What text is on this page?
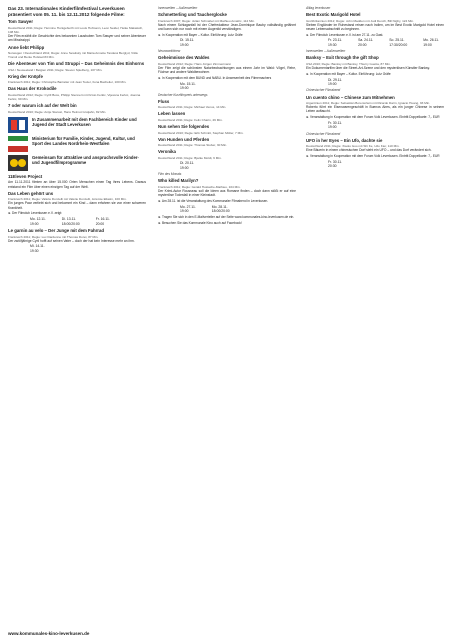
Das 23. Internationales Kinderfilmfestival Leverkusen präsentiert vom 05. 11. bis 12.11.2012 folgende Filme:
Tom Sawyer
Deutschland 2011; Regie: Hermine Huntgeburth mit Louis Hofmann, Leon Seidel, Heike Makatsch, 108 Min.

Der Film erzählt die Geschichte des bekannten Lausbuben Tom Sawyer und seiner Abenteuer am Mississippi.

Anne liebt Philipp
Norwegen / Deutschland 2011; Regie: Anne Sewitsky mit Maria Annette Tanderø Berglyd, Vilde Tronsli und Bente Holstad 83 Min.
Die Abenteuer von Tim und Struppi – Das Geheimnis des Einhorns
USA / Neuseeland / Belgien 2011; Regie: Steven Spielberg, 107 Min.
Krieg der Knöpfe
Frankreich 2011; Regie: Christophe Barratier mit Jean Texier, Ilona Bachelier, 100 Min.
Das Haus der Krokodile
Deutschland 2012; Regie: Cyrill Boss, Philipp Stennert mit Kristo Ferkic, Vijessna Ferkic, Joanna Ferkic, 90 Min.
7 oder warum ich auf der Welt bin
Deutschland 2010; Regie: Antje Starost, Hans Helmut Grotjahn, 82 Min.
In Zusammenarbeit mit dem Fachbereich Kinder und Jugend der Stadt Leverkusen
Ministerium für Familie, Kinder, Jugend, Kultur, und Sport des Landes Nordrhein-Westfalen
Gemeinsam für attraktive und anspruchsvolle Kinder- und Jugendfilmprogramme
11Eleven Project

Am 11.11.2011 filmten an über 15.000 Orten Menschen einen Tag ihres Lebens. Daraus entstand ein Film über einen einzigen Tag auf der Welt.

Das Leben gehört uns
Frankreich 2011; Regie: Valérie Donzelli mit Valérie Donzelli, Jérémie Elkaïm, 100 Min.

Ein junges Paar verliebt sich und bekommt ein Kind – dann erfahren sie von einer schweren Krankheit.

► Der Filmclub Leverkusen e.V. zeigt:
Mo. 12.11.
19:00
Di. 13.11.
18:00/20:00
Fr. 16.11.
20:00
Le garnin au velo – Der Junge mit dem Fahrrad
Frankreich 2011; Regie: Luc Dardenne mit Thomas Doret, 87 Min.

Der zwölfjährige Cyril hofft auf seinen Vater – doch der hat kein Interesse mehr an ihm.

Mi. 14.11.
19:30
Innenwelten – Außenwelten
Schmetterling und Taucherglocke
Frankreich 2007; Regie: Julian Schnabel mit Mathieu Amalric, 112 Min.

Nach einem Schlaganfall ist der Chefredakteur Jean-Dominique Bauby vollständig gelähmt und kann sich nur noch mit einem Augenlid verständigen.

► In Kooperation mit Bayer – Kultur. Einführung: Lutz Gräfe
Di. 15.11.
19:00
Neurowelt/drew
Geheimnisse des Waldes
Deutschland 2012; Regie: Hans Jürgen Zimmermann

Der Film zeigt die schönsten Naturbeobachtungen aus einem Jahr im Wald: Vögel, Rehe, Füchse und andere Waldbewohner.

► In Kooperation mit dem BUND und NABU. In Anwesenheit des Filmemachers
Mo. 15.11.
19:00
Deutscher Kurzfilmpreis unterwegs
Fluss
Deutschland 2011; Regie: Michael Venus, 14 Min.
Leben lassen
Deutschland 2011; Regie: Felix Charin, 29 Min.
Nun sehen Sie folgendes
Deutschland 2010; Regie: Erik Schmitt, Stephan Müller, 7 Min.
Von Hunden und Pferden
Deutschland 2011; Regie: Thomas Stuber, 30 Min.
Veronika
Deutschland 2011; Regie: Bjarke Moldt, 9 Min.
Di. 20.11.
19:00
Film des Monats
Who killed Marilyn?
Frankreich 2011; Regie: Gérald Hustache-Mathieu, 104 Min.

Der Krimi-Autor Rousseau soll die Ideen aus Romane finden – doch dann stößt er auf eine mysteriöse Todesfall in einer Kleinstadt.

► Am 28.11. ist die Veranstaltung des Kommunaler Filmabend in Leverkusen.
Mo. 27.11.
19:00
Mo. 28.11.
18:00/20:00
► Tragen Sie sich in den E-Mailverteiler auf der Seite www.kommunales-kino-leverkusen.de ein.
► Besuchen Sie das Kommunale Kino auch auf Facebook!
Alltag leverkusen
Best Exotic Marigold Hotel
Großbritannien 2012; Regie: John Madden mit Judi Dench, Bill Nighy, 124 Min.

Sieben Engländer im Ruhestand reisen nach Indien, um im Best Exotic Marigold Hotel einen neuen Lebensabschnitt zu beginnen.

► Der Filmclub Leverkusen e.V. ist am 27.11. zu Gast.
Fr. 23.11.
19:30
Sa. 24.11.
20:00
So. 25.11.
17:30/20:00
Mo. 26.11.
19:00
Innenwelten – Außenwelten
Banksy – Exit through the gift Shop
USA 2010; Regie: Banksy mit Banksy, Thierry Guetta, 87 Min.

Ein Dokumentarfilm über die Street-Art-Szene und den mysteriösen Künstler Banksy.

► In Kooperation mit Bayer – Kultur. Einführung: Lutz Gräfe
Di. 29.11.
19:00
Chinesischer Filmabend
Un cuento chino – Chinese zum Mitnehmen
Argentinien 2011; Regie: Sebastián Borensztein mit Ricardo Darín, Ignacio Huang, 93 Min.

Roberto führt ein Eisenwarengeschäft in Buenos Aires, als ein junger Chinese in seinem Leben auftaucht.

► Veranstaltung in Kooperation mit dem Forum Volk Leverkusen. Eintritt Doppelkarte: 7,- EUR
Fr. 30.11.
19:00
Chinesischer Filmabend
UFO in her Eyes – Ein Ufo, dachte sie
Deutschland 2011; Regie: Xiaolu Guo mit Shi Ke, Udo Kier, 110 Min.

Eine Bäuerin in einem chinesischen Dorf sieht ein UFO – und das Dorf verändert sich.

► Veranstaltung in Kooperation mit dem Forum Volk Leverkusen. Eintritt Doppelkarte: 7,- EUR
Fr. 30.11.
20:30
www.kommunales-kino-leverkusen.de
